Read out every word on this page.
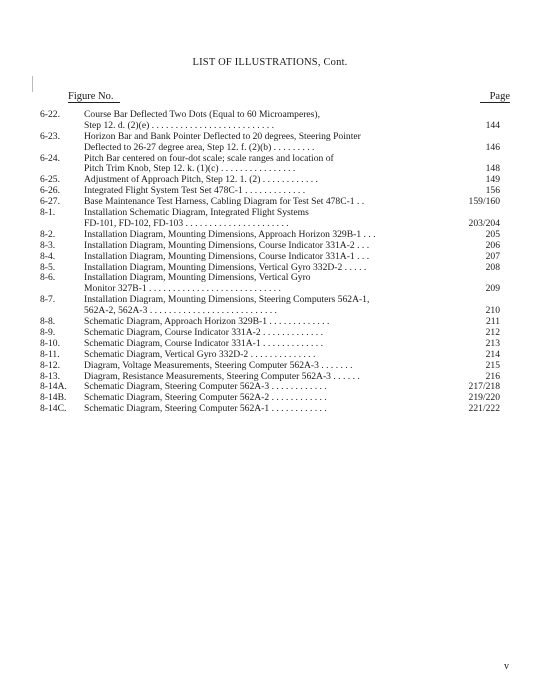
LIST OF ILLUSTRATIONS, Cont.
Figure No.	Page
6-22.	Course Bar Deflected Two Dots (Equal to 60 Microamperes),
Step 12. d. (2)(e) . . . . . . . . . . . . . . . . . . . . . . . . . .	144
6-23.	Horizon Bar and Bank Pointer Deflected to 20 degrees, Steering Pointer
Deflected to 26-27 degree area, Step 12. f. (2)(b) . . . . . . . . .	146
6-24.	Pitch Bar centered on four-dot scale; scale ranges and location of
Pitch Trim Knob, Step 12. k. (1)(c) . . . . . . . . . . . . . . . .	148
6-25.	Adjustment of Approach Pitch, Step 12. 1. (2) . . . . . . . . . . . .	149
6-26.	Integrated Flight System Test Set 478C-1 . . . . . . . . . . . . .	156
6-27.	Base Maintenance Test Harness, Cabling Diagram for Test Set 478C-1 . .	159/160
8-1.	Installation Schematic Diagram, Integrated Flight Systems
FD-101, FD-102, FD-103 . . . . . . . . . . . . . . . . . . . . . .	203/204
8-2.	Installation Diagram, Mounting Dimensions, Approach Horizon 329B-1 . . .	205
8-3.	Installation Diagram, Mounting Dimensions, Course Indicator 331A-2 . . .	206
8-4.	Installation Diagram, Mounting Dimensions, Course Indicator 331A-1 . . .	207
8-5.	Installation Diagram, Mounting Dimensions, Vertical Gyro 332D-2 . . . . .	208
8-6.	Installation Diagram, Mounting Dimensions, Vertical Gyro
Monitor 327B-1 . . . . . . . . . . . . . . . . . . . . . . . . . . . .	209
8-7.	Installation Diagram, Mounting Dimensions, Steering Computers 562A-1,
562A-2, 562A-3 . . . . . . . . . . . . . . . . . . . . . . . . . . .	210
8-8.	Schematic Diagram, Approach Horizon 329B-1 . . . . . . . . . . . . .	211
8-9.	Schematic Diagram, Course Indicator 331A-2 . . . . . . . . . . . . .	212
8-10.	Schematic Diagram, Course Indicator 331A-1 . . . . . . . . . . . . .	213
8-11.	Schematic Diagram, Vertical Gyro 332D-2 . . . . . . . . . . . . . .	214
8-12.	Diagram, Voltage Measurements, Steering Computer 562A-3 . . . . . . .	215
8-13.	Diagram, Resistance Measurements, Steering Computer 562A-3 . . . . . .	216
8-14A.	Schematic Diagram, Steering Computer 562A-3 . . . . . . . . . . . .	217/218
8-14B.	Schematic Diagram, Steering Computer 562A-2 . . . . . . . . . . . .	219/220
8-14C.	Schematic Diagram, Steering Computer 562A-1 . . . . . . . . . . . .	221/222
v
